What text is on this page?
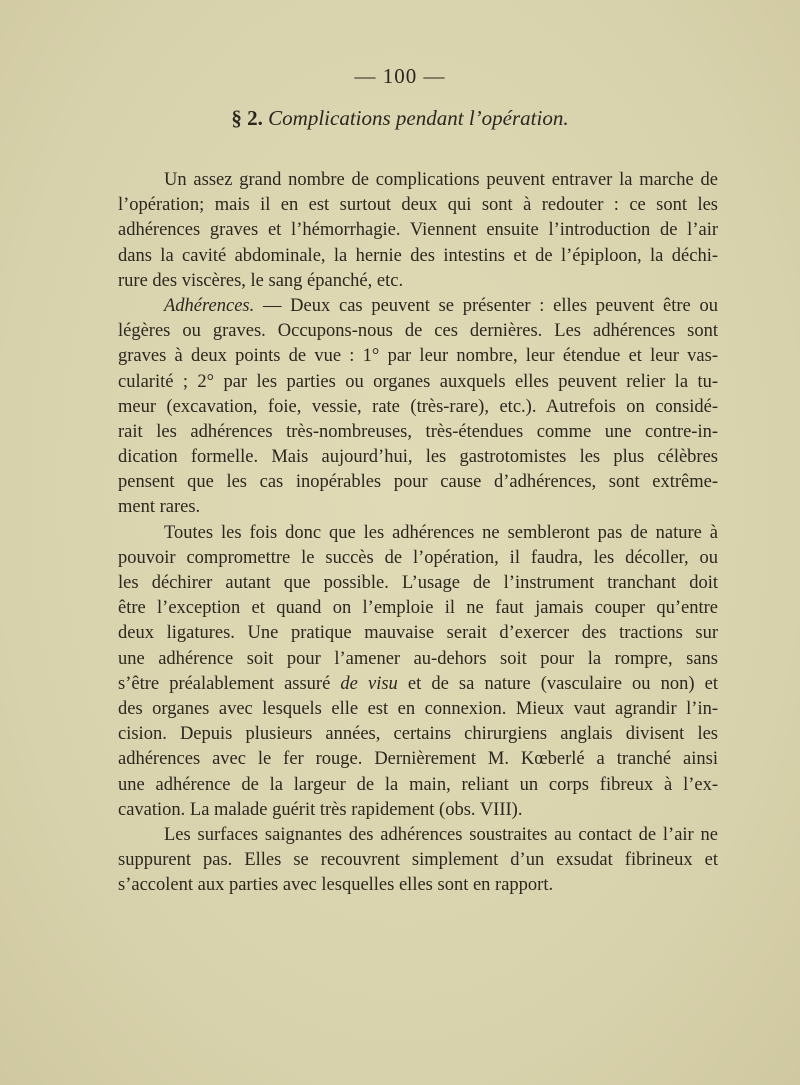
— 100 —
§ 2. Complications pendant l’opération.
Un assez grand nombre de complications peuvent entraver la marche de
l’opération; mais il en est surtout deux qui sont à redouter : ce sont les
adhérences graves et l’hémorrhagie. Viennent ensuite l’introduction de l’air
dans la cavité abdominale, la hernie des intestins et de l’épiploon, la déchi-
rure des viscères, le sang épanché, etc.
Adhérences. — Deux cas peuvent se présenter : elles peuvent être ou
légères ou graves. Occupons-nous de ces dernières. Les adhérences sont
graves à deux points de vue : 1° par leur nombre, leur étendue et leur vas-
cularité ; 2° par les parties ou organes auxquels elles peuvent relier la tu-
meur (excavation, foie, vessie, rate (très-rare), etc.). Autrefois on considé-
rait les adhérences très-nombreuses, très-étendues comme une contre-in-
dication formelle. Mais aujourd’hui, les gastrotomistes les plus célèbres
pensent que les cas inopérables pour cause d’adhérences, sont extrême-
ment rares.
Toutes les fois donc que les adhérences ne sembleront pas de nature à
pouvoir compromettre le succès de l’opération, il faudra, les décoller, ou
les déchirer autant que possible. L’usage de l’instrument tranchant doit
être l’exception et quand on l’emploie il ne faut jamais couper qu’entre
deux ligatures. Une pratique mauvaise serait d’exercer des tractions sur
une adhérence soit pour l’amener au-dehors soit pour la rompre, sans
s’être préalablement assuré de visu et de sa nature (vasculaire ou non) et
des organes avec lesquels elle est en connexion. Mieux vaut agrandir l’in-
cision. Depuis plusieurs années, certains chirurgiens anglais divisent les
adhérences avec le fer rouge. Dernièrement M. Kœberlé a tranché ainsi
une adhérence de la largeur de la main, reliant un corps fibreux à l’ex-
cavation. La malade guérit très rapidement (obs. VIII).
Les surfaces saignantes des adhérences soustraites au contact de l’air ne
suppurent pas. Elles se recouvrent simplement d’un exsudat fibrineux et
s’accolent aux parties avec lesquelles elles sont en rapport.
